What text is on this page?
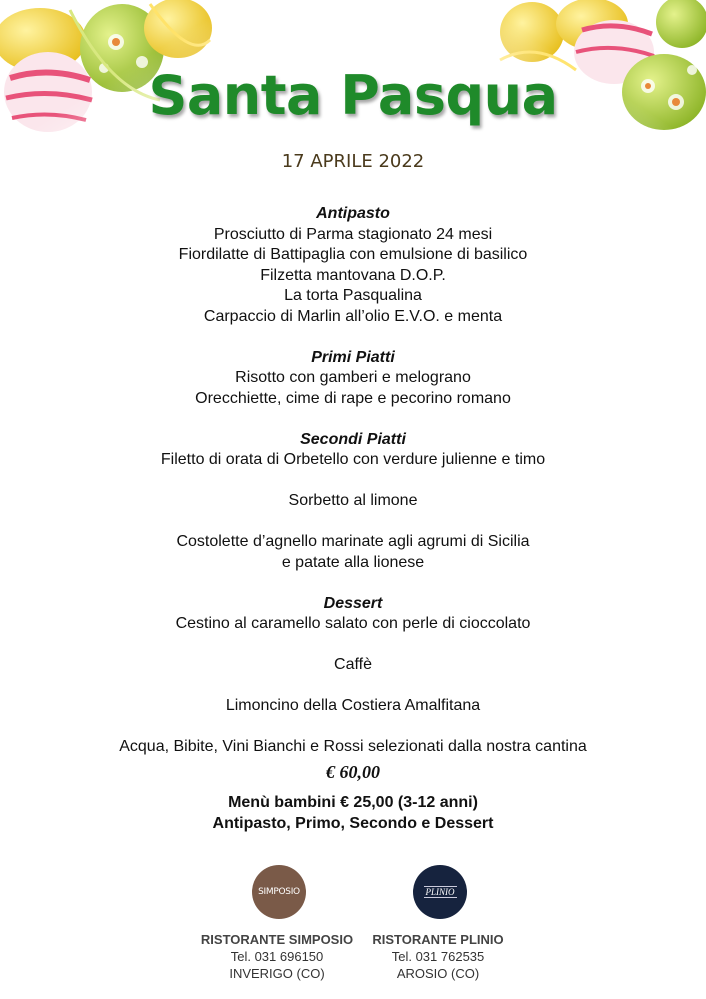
Santa Pasqua
17 APRILE 2022
Antipasto
Prosciutto di Parma stagionato 24 mesi
Fiordilatte di Battipaglia con emulsione di basilico
Filzetta mantovana D.O.P.
La torta Pasqualina
Carpaccio di Marlin all’olio E.V.O. e menta
Primi Piatti
Risotto con gamberi e melograno
Orecchiette, cime di rape e pecorino romano
Secondi Piatti
Filetto di orata di Orbetello con verdure julienne e timo
Sorbetto al limone
Costolette d’agnello marinate agli agrumi di Sicilia
e patate alla lionese
Dessert
Cestino al caramello salato con perle di cioccolato
Caffè
Limoncino della Costiera Amalfitana
Acqua, Bibite, Vini Bianchi e Rossi selezionati dalla nostra cantina
€ 60,00
Menù bambini € 25,00 (3-12 anni)
Antipasto, Primo, Secondo e Dessert
SIMPOSIO	PLINIO
RISTORANTE SIMPOSIO
Tel. 031 696150
INVERIGO (CO)
RISTORANTE PLINIO
Tel. 031 762535
AROSIO (CO)
